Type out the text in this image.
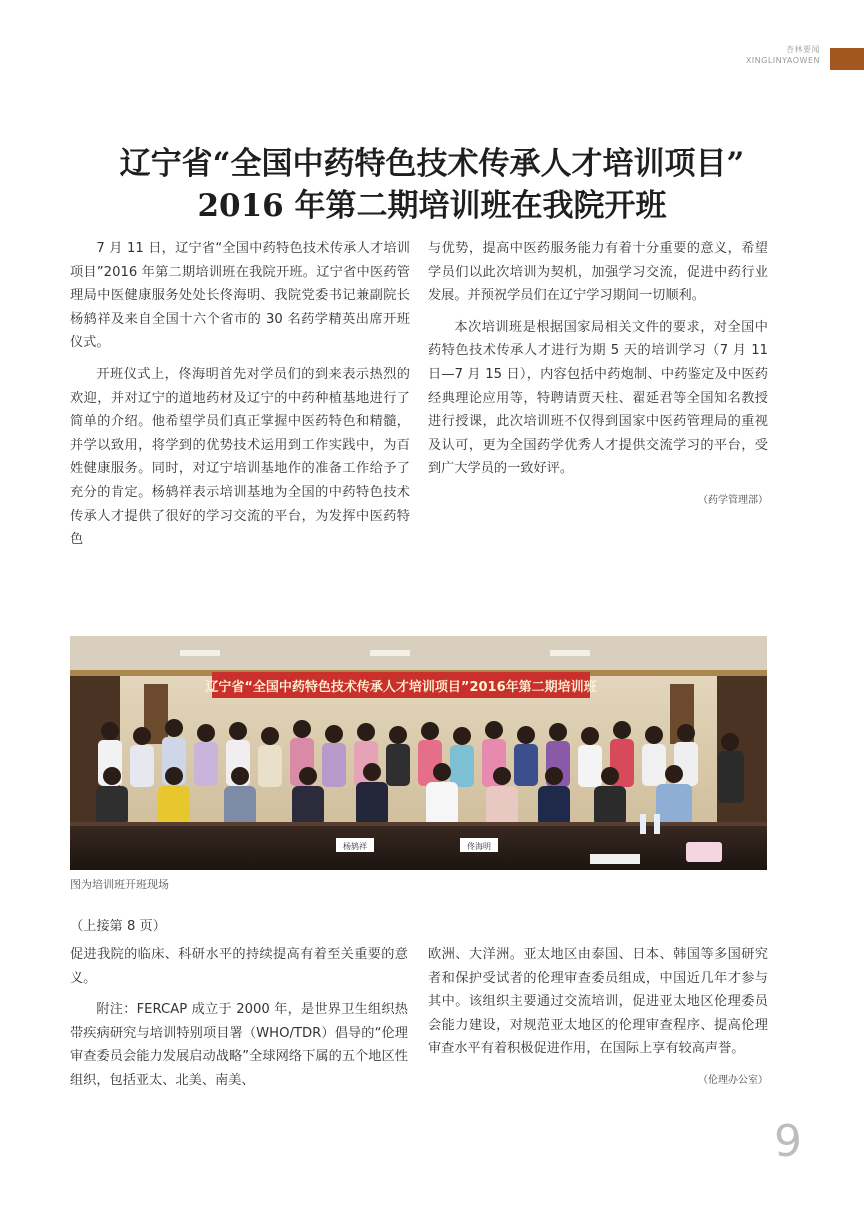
杏林要闻
XINGLINYAOWEN
辽宁省“全国中药特色技术传承人才培训项目”
2016 年第二期培训班在我院开班

7 月 11 日，辽宁省“全国中药特色技术传承人才培训项目”2016 年第二期培训班在我院开班。辽宁省中医药管理局中医健康服务处处长佟海明、我院党委书记兼副院长杨鸫祥及来自全国十六个省市的 30 名药学精英出席开班仪式。

开班仪式上，佟海明首先对学员们的到来表示热烈的欢迎，并对辽宁的道地药材及辽宁的中药种植基地进行了简单的介绍。他希望学员们真正掌握中医药特色和精髓，并学以致用，将学到的优势技术运用到工作实践中，为百姓健康服务。同时，对辽宁培训基地作的准备工作给予了充分的肯定。杨鸫祥表示培训基地为全国的中药特色技术传承人才提供了很好的学习交流的平台，为发挥中医药特色

与优势，提高中医药服务能力有着十分重要的意义，希望学员们以此次培训为契机，加强学习交流，促进中药行业发展。并预祝学员们在辽宁学习期间一切顺利。

本次培训班是根据国家局相关文件的要求，对全国中药特色技术传承人才进行为期 5 天的培训学习（7 月 11 日—7 月 15 日），内容包括中药炮制、中药鉴定及中医药经典理论应用等，特聘请贾天柱、翟延君等全国知名教授进行授课，此次培训班不仅得到国家中医药管理局的重视及认可，更为全国药学优秀人才提供交流学习的平台，受到广大学员的一致好评。

（药学管理部）
辽宁省“全国中药特色技术传承人才培训项目”2016年第二期培训班
杨鸫祥	佟海明
图为培训班开班现场
（上接第 8 页）

促进我院的临床、科研水平的持续提高有着至关重要的意义。

附注：FERCAP 成立于 2000 年，是世界卫生组织热带疾病研究与培训特别项目署（WHO/TDR）倡导的“伦理审查委员会能力发展启动战略”全球网络下属的五个地区性组织，包括亚太、北美、南美、

欧洲、大洋洲。亚太地区由泰国、日本、韩国等多国研究者和保护受试者的伦理审查委员组成，中国近几年才参与其中。该组织主要通过交流培训，促进亚太地区伦理委员会能力建设，对规范亚太地区的伦理审查程序、提高伦理审查水平有着积极促进作用，在国际上享有较高声誉。

（伦理办公室）
9
